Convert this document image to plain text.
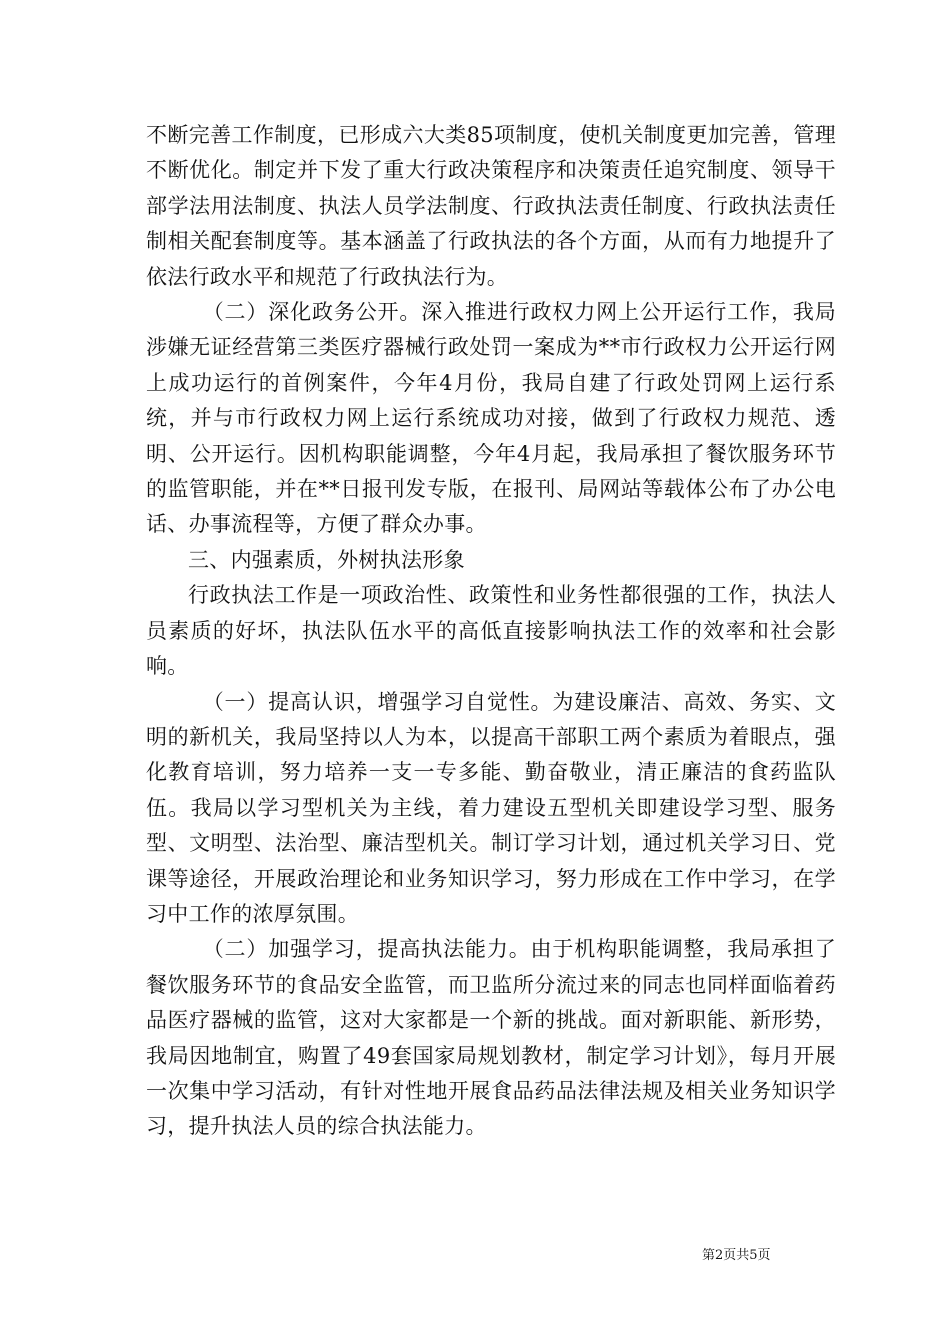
不断完善工作制度，已形成六大类85项制度，使机关制度更加完善，管理不断优化。制定并下发了重大行政决策程序和决策责任追究制度、领导干部学法用法制度、执法人员学法制度、行政执法责任制度、行政执法责任制相关配套制度等。基本涵盖了行政执法的各个方面，从而有力地提升了依法行政水平和规范了行政执法行为。

（二）深化政务公开。深入推进行政权力网上公开运行工作，我局涉嫌无证经营第三类医疗器械行政处罚一案成为**市行政权力公开运行网上成功运行的首例案件，今年4月份，我局自建了行政处罚网上运行系统，并与市行政权力网上运行系统成功对接，做到了行政权力规范、透明、公开运行。因机构职能调整，今年4月起，我局承担了餐饮服务环节的监管职能，并在**日报刊发专版，在报刊、局网站等载体公布了办公电话、办事流程等，方便了群众办事。

三、内强素质，外树执法形象

行政执法工作是一项政治性、政策性和业务性都很强的工作，执法人员素质的好坏，执法队伍水平的高低直接影响执法工作的效率和社会影响。

（一）提高认识，增强学习自觉性。为建设廉洁、高效、务实、文明的新机关，我局坚持以人为本，以提高干部职工两个素质为着眼点，强化教育培训，努力培养一支一专多能、勤奋敬业，清正廉洁的食药监队伍。我局以学习型机关为主线，着力建设五型机关即建设学习型、服务型、文明型、法治型、廉洁型机关。制订学习计划，通过机关学习日、党课等途径，开展政治理论和业务知识学习，努力形成在工作中学习，在学习中工作的浓厚氛围。

（二）加强学习，提高执法能力。由于机构职能调整，我局承担了餐饮服务环节的食品安全监管，而卫监所分流过来的同志也同样面临着药品医疗器械的监管，这对大家都是一个新的挑战。面对新职能、新形势，我局因地制宜，购置了49套国家局规划教材，制定学习计划》，每月开展一次集中学习活动，有针对性地开展食品药品法律法规及相关业务知识学习，提升执法人员的综合执法能力。

第2页共5页
